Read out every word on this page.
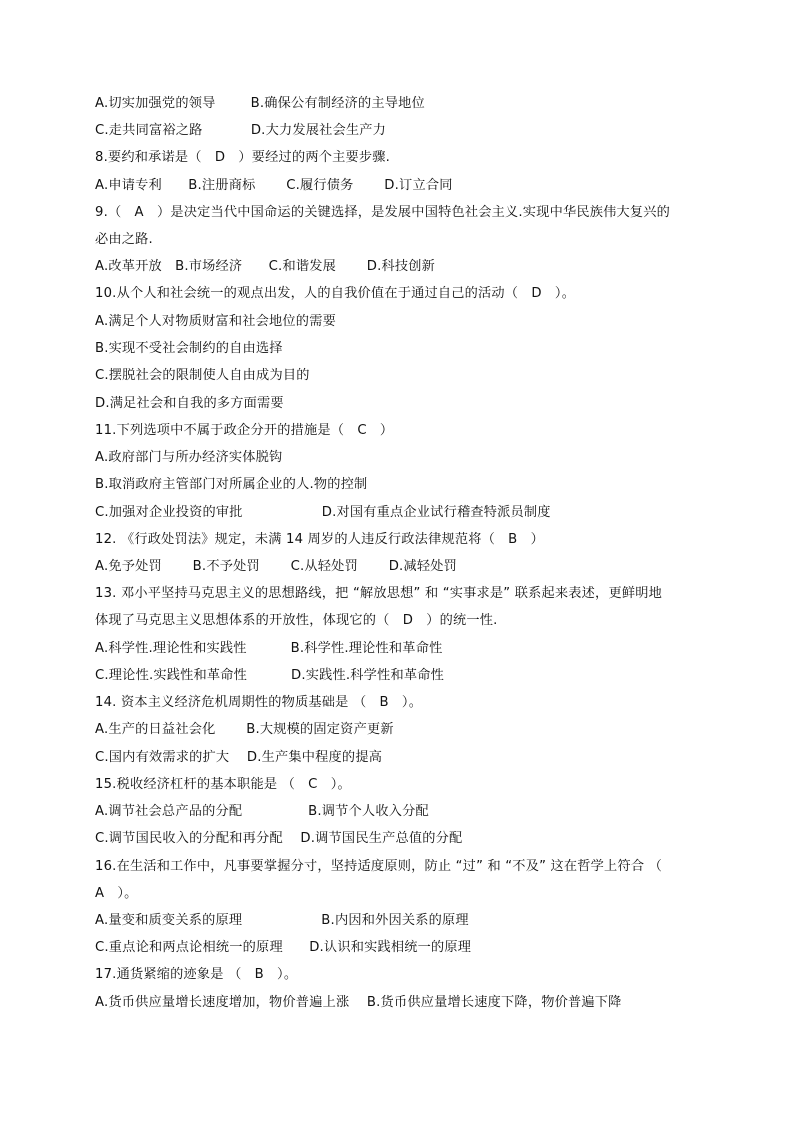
A.切实加强党的领导        B.确保公有制经济的主导地位
C.走共同富裕之路           D.大力发展社会生产力
8.要约和承诺是（   D   ）要经过的两个主要步骤.
A.申请专利      B.注册商标       C.履行债务       D.订立合同
9.（   A   ）是决定当代中国命运的关键选择，是发展中国特色社会主义.实现中华民族伟大复兴的
必由之路.
A.改革开放   B.市场经济      C.和谐发展       D.科技创新
10.从个人和社会统一的观点出发，人的自我价值在于通过自己的活动（   D   ）。
A.满足个人对物质财富和社会地位的需要
B.实现不受社会制约的自由选择
C.摆脱社会的限制使人自由成为目的
D.满足社会和自我的多方面需要
11.下列选项中不属于政企分开的措施是（   C   ）
A.政府部门与所办经济实体脱钩
B.取消政府主管部门对所属企业的人.物的控制
C.加强对企业投资的审批                  D.对国有重点企业试行稽查特派员制度
12. 《行政处罚法》规定，未满 14 周岁的人违反行政法律规范将（   B   ）
A.免予处罚       B.不予处罚       C.从轻处罚       D.减轻处罚
13. 邓小平坚持马克思主义的思想路线，把 “解放思想” 和 “实事求是” 联系起来表述，更鲜明地
体现了马克思主义思想体系的开放性，体现它的（   D   ）的统一性.
A.科学性.理论性和实践性          B.科学性.理论性和革命性
C.理论性.实践性和革命性          D.实践性.科学性和革命性
14. 资本主义经济危机周期性的物质基础是 （   B   ）。
A.生产的日益社会化       B.大规模的固定资产更新
C.国内有效需求的扩大    D.生产集中程度的提高
15.税收经济杠杆的基本职能是 （   C   ）。
A.调节社会总产品的分配               B.调节个人收入分配
C.调节国民收入的分配和再分配    D.调节国民生产总值的分配
16.在生活和工作中，凡事要掌握分寸，坚持适度原则，防止 “过” 和 “不及” 这在哲学上符合 （
A   ）。
A.量变和质变关系的原理                  B.内因和外因关系的原理
C.重点论和两点论相统一的原理      D.认识和实践相统一的原理
17.通货紧缩的迹象是 （   B   ）。
A.货币供应量增长速度增加，物价普遍上涨    B.货币供应量增长速度下降，物价普遍下降
